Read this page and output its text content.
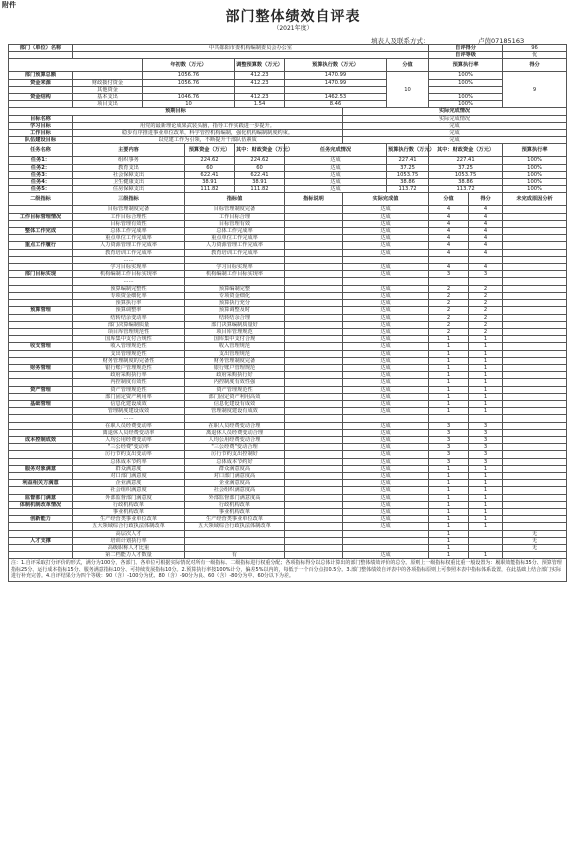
附件
部门整体绩效自评表
（2021年度）
填表人及联系方式：	卢茵0718516З
部门（单位）名称	中共郧阳市委机构编制委员会办公室							自评得分		96
								自评等级		优
		年初数（万元）		调整预算数（万元）	预算执行数（万元）		分值	预算执行率		得分
部门预算总额		1056.76		412.23	1470.99		10	100%		9
资金来源	财政拨付资金	1056.76		412.23	1470.99			100%		
	其他资金									
资金结构	基本支出	1046.76		412.23	1462.53			100%		
	项目支出	10		1.54	8.46			100%		
预期目标						实际完成情况				
目标名称						实际完成情况				
学习目标	用党的最新理论成果武装头脑，指导工作实践进一步提升。					完成				
工作目标	稳步有序推进事业单位改革，科学管控机构编制，强化机构编制制度约束。					完成				
队伍建设目标	以党建工作为引领，不断提升干部队伍素质					完成				
任务名称	主要内容		预算资金（万元）	其中：财政资金（万元）	任务完成情况		预算执行数（万元）	其中：财政资金（万元）		预算执行率
任务1：	组织事务		224.62	224.62	达成		227.41	227.41		100%
任务2：	教育支出		60	60	达成		37.25	37.25		100%
任务3：	社会保障支出		622.41	622.41	达成		1053.75	1053.75		100%
任务4：	卫生健康支出		38.91	38.91	达成		38.86	38.86		100%
任务5：	住房保障支出		111.82	111.82	达成		113.72	113.72		100%
二级指标	三级指标		指标值		指标说明	实际完成值		分值	得分	未完成原因分析
	目标管理制度完备		目标管理制度完备			达成		4	4	
工作目标管理情况	工作目标合理性		工作目标合理			达成		4	4	
	目标管理有效性		目标管理有效			达成		4	4	
整体工作完成	总体工作完成率		总体工作完成率			达成		4	4	
	重点单位工作完成率		重点单位工作完成率			达成		4	4	
重点工作履行	人力资源管理工作完成率		人力资源管理工作完成率			达成		4	4	
	教育培训工作完成率		教育培训工作完成率			达成		4	4	
	……									
	学习目标实现率		学习目标实现率			达成		4	4	
部门目标实现	机构编制工作目标实现率		机构编制工作目标实现率			达成		3	3	
	……									
	预算编制完整性		预算编制完整			达成		2	2	
	专项资金细化率		专项资金细化			达成		2	2	
	预算执行率		预算执行充分			达成		2	2	
预算管理	预算调整率		预算调整及时			达成		2	2	
	结转结余变动率		结转结余合理			达成		2	2	
	部门决算编制质量		部门决算编制质量好			达成		2	2	
	项目库管理规范性		项目库管理规范			达成		2	2	
	国库集中支付合规性		国库集中支付合规			达成		1	1	
收支管理	收入管理规范性		收入管理规范			达成		1	1	
	支出管理规范性		支出管理规范			达成		1	1	
	财务管理制度的完备性		财务管理制度完备			达成		1	1	
财务管理	银行账户管理规范性		银行账户管理规范			达成		1	1	
	政府采购执行率		政府采购执行好			达成		1	1	
	内控制度有效性		内控制度有效性强			达成		1	1	
资产管理	资产管理规范性		资产管理规范性			达成		1	1	
	部门固定资产利用率		部门固定资产利用高效			达成		1	1	
基础管理	信息化建设成效		信息化建设有成效			达成		1	1	
	管理制度建设成效		管理制度建设有成效			达成		1	1	
	……									
	在职人员经费变动率		在职人员经费变动合理			达成		3	3	
	离退休人员经费变动率		离退休人员经费变动合理			达成		3	3	
成本控制成效	人均公用经费变动率		人均公用经费变动合理			达成		3	3	
	"三公经费"变动率		"三公经费"变动合理			达成		3	3	
	厉行节约支出变动率		厉行节约支出控制好			达成		3	3	
	总体成本节约率		总体成本节约好			达成		3	3	
服务对象满意	群众满意度		群众满意度高			达成		1	1	
	对口部门满意度		对口部门满意度高			达成		1	1	
利益相关方满意	企业满意度		企业满意度高			达成		1	1	
	社会组织满意度		社会组织满意度高			达成		1	1	
监督部门满意	外部监督部门满意度		外部监督部门满意度高			达成		1	1	
体制机制改革情况	行政机构改革		行政机构改革			达成		1	1	
	事业机构改革		事业机构改革			达成		1	1	
创新能力	生产经营类事业单位改革		生产经营类事业单位改革			达成		1	1	
	五大领域综合行政执法体制改革		五大领域综合行政执法体制改革			达成		1	1	
	高层次人才							1		无
人才支撑	培训计划执行率							1		无
	高级职称人才比重							1		无
	第二档能力人才数量		有			达成		1	1	
注：1.自评采取打分评价的形式，满分为100分，各部门、各单位可根据实际情况对所有一级指标、二级指标进行权重分配；各项指标得分以总体计算出的部门整体绩效评价的总分。原则上一级指标权重比重一般设置为：履职效能指标35分、预算管理指标25分、运行成本指标15分、服务满意指标10分、可持续发展指标10分。2.预算执行率按100%计分，偏差5%以内的，每低于一个百分点扣0.5分。3.部门整体绩效自评表中的各项指标原则上可参照本表中指标体系设置，在此基础上结合部门实际进行补充完善。4.自评结果分为四个等级：90（含）-100分为优、80（含）-90分为良、60（含）-80分为中、60分以下为差。										
